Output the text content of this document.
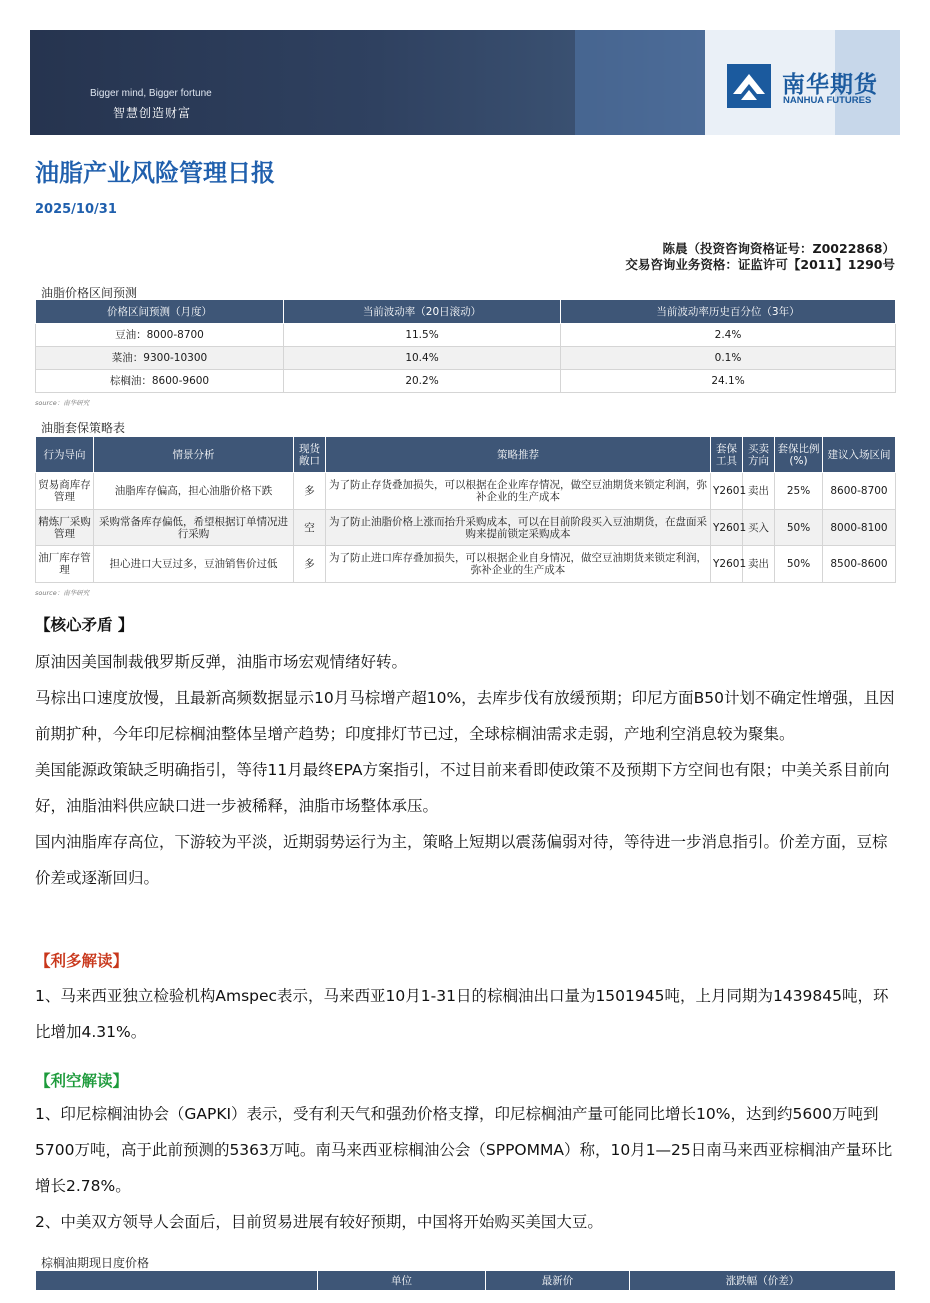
Bigger mind, Bigger fortune
智慧创造财富
南华期货
NANHUA FUTURES
油脂产业风险管理日报
2025/10/31
陈晨（投资咨询资格证号：Z0022868）
交易咨询业务资格：证监许可【2011】1290号
油脂价格区间预测
价格区间预测（月度）	当前波动率（20日滚动）	当前波动率历史百分位（3年）
豆油：8000-8700	11.5%	2.4%
菜油：9300-10300	10.4%	0.1%
棕榈油：8600-9600	20.2%	24.1%
source：南华研究
油脂套保策略表
行为导向	情景分析	现货敞口	策略推荐	套保工具	买卖方向	套保比例(%)	建议入场区间
贸易商库存管理	油脂库存偏高，担心油脂价格下跌	多	为了防止存货叠加损失，可以根据在企业库存情况，做空豆油期货来锁定利润，弥补企业的生产成本	Y2601	卖出	25%	8600-8700
精炼厂采购管理	采购常备库存偏低，希望根据订单情况进行采购	空	为了防止油脂价格上涨而抬升采购成本，可以在目前阶段买入豆油期货，在盘面采购来提前锁定采购成本	Y2601	买入	50%	8000-8100
油厂库存管理	担心进口大豆过多，豆油销售价过低	多	为了防止进口库存叠加损失，可以根据企业自身情况，做空豆油期货来锁定利润，弥补企业的生产成本	Y2601	卖出	50%	8500-8600
source：南华研究
【核心矛盾 】
原油因美国制裁俄罗斯反弹，油脂市场宏观情绪好转。
马棕出口速度放慢，且最新高频数据显示10月马棕增产超10%，去库步伐有放缓预期；印尼方面B50计划不确定性增强，且因前期扩种，今年印尼棕榈油整体呈增产趋势；印度排灯节已过，全球棕榈油需求走弱，产地利空消息较为聚集。
美国能源政策缺乏明确指引，等待11月最终EPA方案指引，不过目前来看即使政策不及预期下方空间也有限；中美关系目前向好，油脂油料供应缺口进一步被稀释，油脂市场整体承压。
国内油脂库存高位，下游较为平淡，近期弱势运行为主，策略上短期以震荡偏弱对待，等待进一步消息指引。价差方面，豆棕价差或逐渐回归。
【利多解读】
1、马来西亚独立检验机构Amspec表示，马来西亚10月1-31日的棕榈油出口量为1501945吨，上月同期为1439845吨，环比增加4.31%。
【利空解读】
1、印尼棕榈油协会（GAPKI）表示，受有利天气和强劲价格支撑，印尼棕榈油产量可能同比增长10%，达到约5600万吨到5700万吨，高于此前预测的5363万吨。南马来西亚棕榈油公会（SPPOMMA）称，10月1—25日南马来西亚棕榈油产量环比增长2.78%。
2、中美双方领导人会面后，目前贸易进展有较好预期，中国将开始购买美国大豆。
棕榈油期现日度价格
	单位	最新价	涨跌幅（价差）
